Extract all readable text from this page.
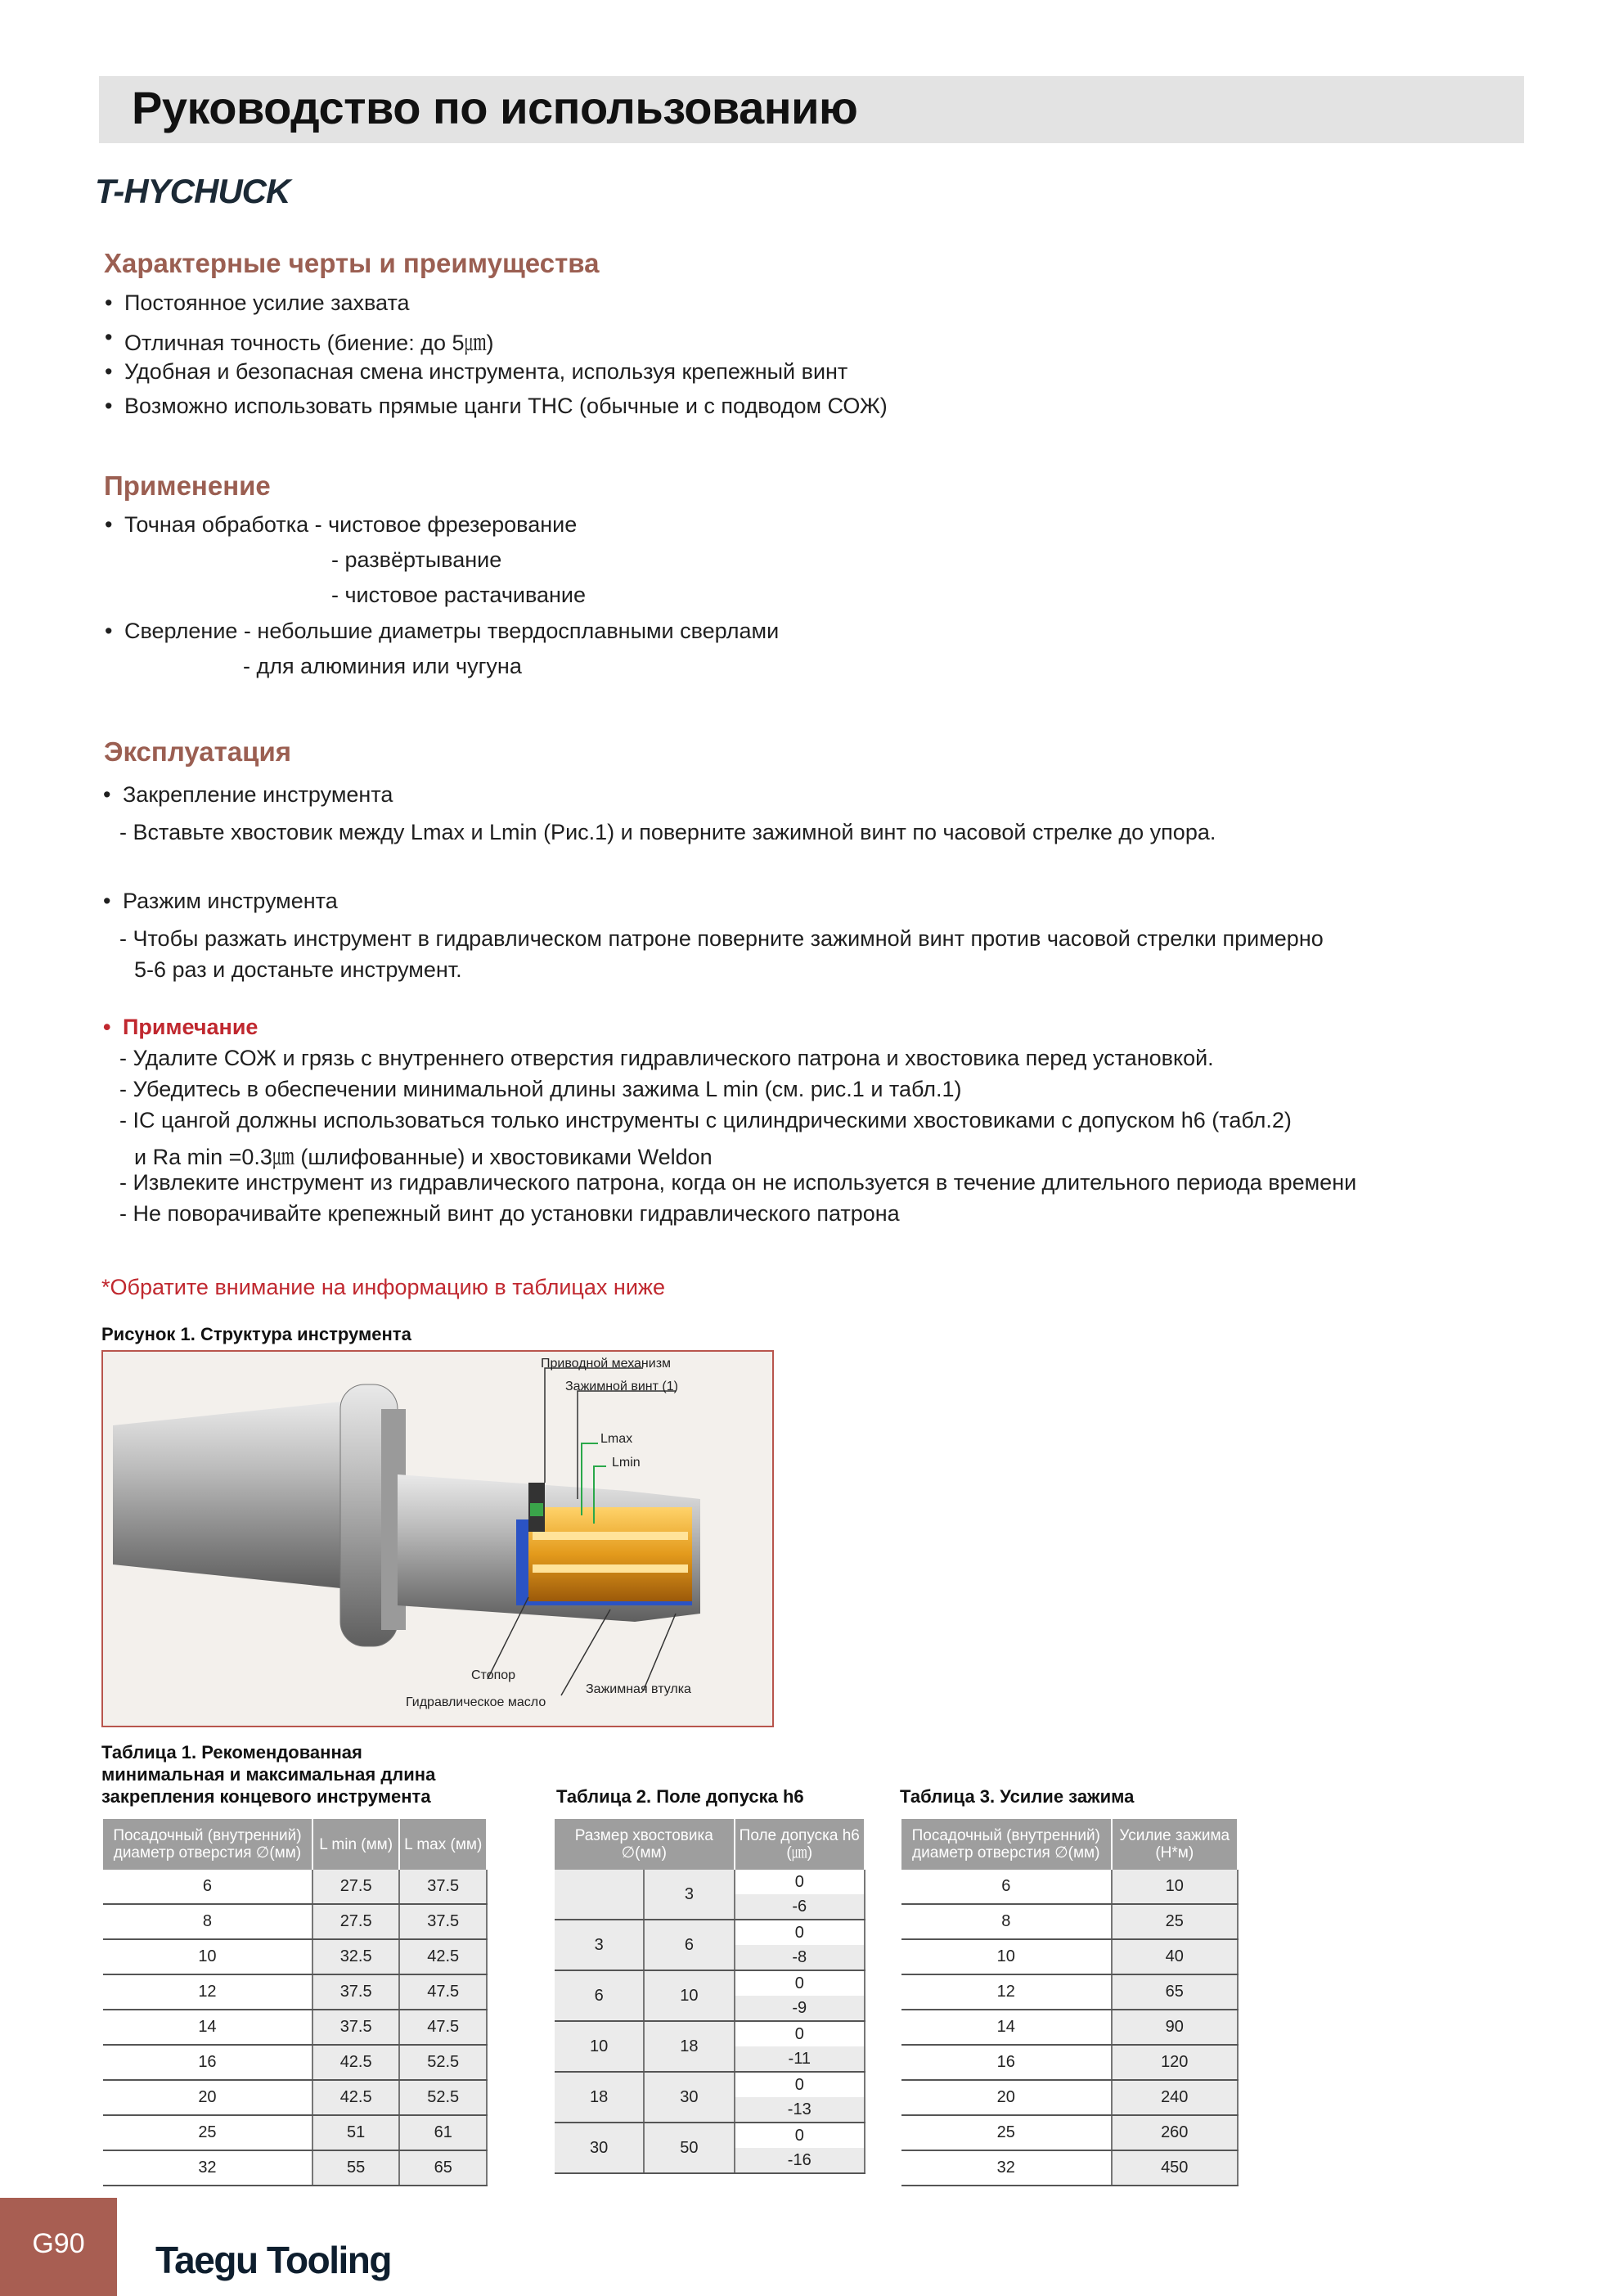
Руководство по использованию
T-HYCHUCK
Характерные черты и преимущества
• Постоянное усилие захвата
• Отличная точность (биение: до 5㎛)
• Удобная и безопасная смена инструмента, используя крепежный винт
• Возможно использовать прямые цанги THC (обычные и с подводом СОЖ)
Применение
• Точная обработка - чистовое фрезерование
- развёртывание
- чистовое растачивание
• Сверление - небольшие диаметры твердосплавными сверлами
- для алюминия или чугуна
Эксплуатация
• Закрепление инструмента
- Вставьте хвостовик между Lmax и Lmin (Рис.1) и поверните зажимной винт по часовой стрелке до упора.
• Разжим инструмента
- Чтобы разжать инструмент в гидравлическом патроне поверните зажимной винт против часовой стрелки примерно
5-6 раз и достаньте инструмент.
• Примечание
- Удалите СОЖ и грязь с внутреннего отверстия гидравлического патрона и хвостовика перед установкой.
- Убедитесь в обеспечении минимальной длины зажима L min (см. рис.1 и табл.1)
- IC цангой должны использоваться только инструменты с цилиндрическими хвостовиками с допуском h6 (табл.2)
и Ra min =0.3㎛ (шлифованные) и хвостовиками Weldon
- Извлеките инструмент из гидравлического патрона, когда он не используется в течение длительного периода времени
- Не поворачивайте крепежный винт до установки гидравлического патрона
*Обратите внимание на информацию в таблицах ниже
Рисунок 1. Структура инструмента
Приводной механизм
Зажимной винт (1)
Lmax
Lmin
Стопор
Гидравлическое масло
Зажимная втулка
Таблица 1. Рекомендованная
минимальная и максимальная длина
закрепления концевого инструмента	Таблица 2. Поле допуска h6	Таблица 3. Усилие зажима
Посадочный (внутренний) диаметр отверстия ∅(мм)	L min (мм)	L max (мм)
6	27.5	37.5
8	27.5	37.5
10	32.5	42.5
12	37.5	47.5
14	37.5	47.5
16	42.5	52.5
20	42.5	52.5
25	51	61
32	55	65
Размер хвостовика ∅(мм)		Поле допуска h6 (㎛)
	3	0
		-6
3	6	0
		-8
6	10	0
		-9
10	18	0
		-11
18	30	0
		-13
30	50	0
		-16
Посадочный (внутренний) диаметр отверстия ∅(мм)	Усилие зажима (Н*м)
6	10
8	25
10	40
12	65
14	90
16	120
20	240
25	260
32	450
G90	Taegu Tooling
